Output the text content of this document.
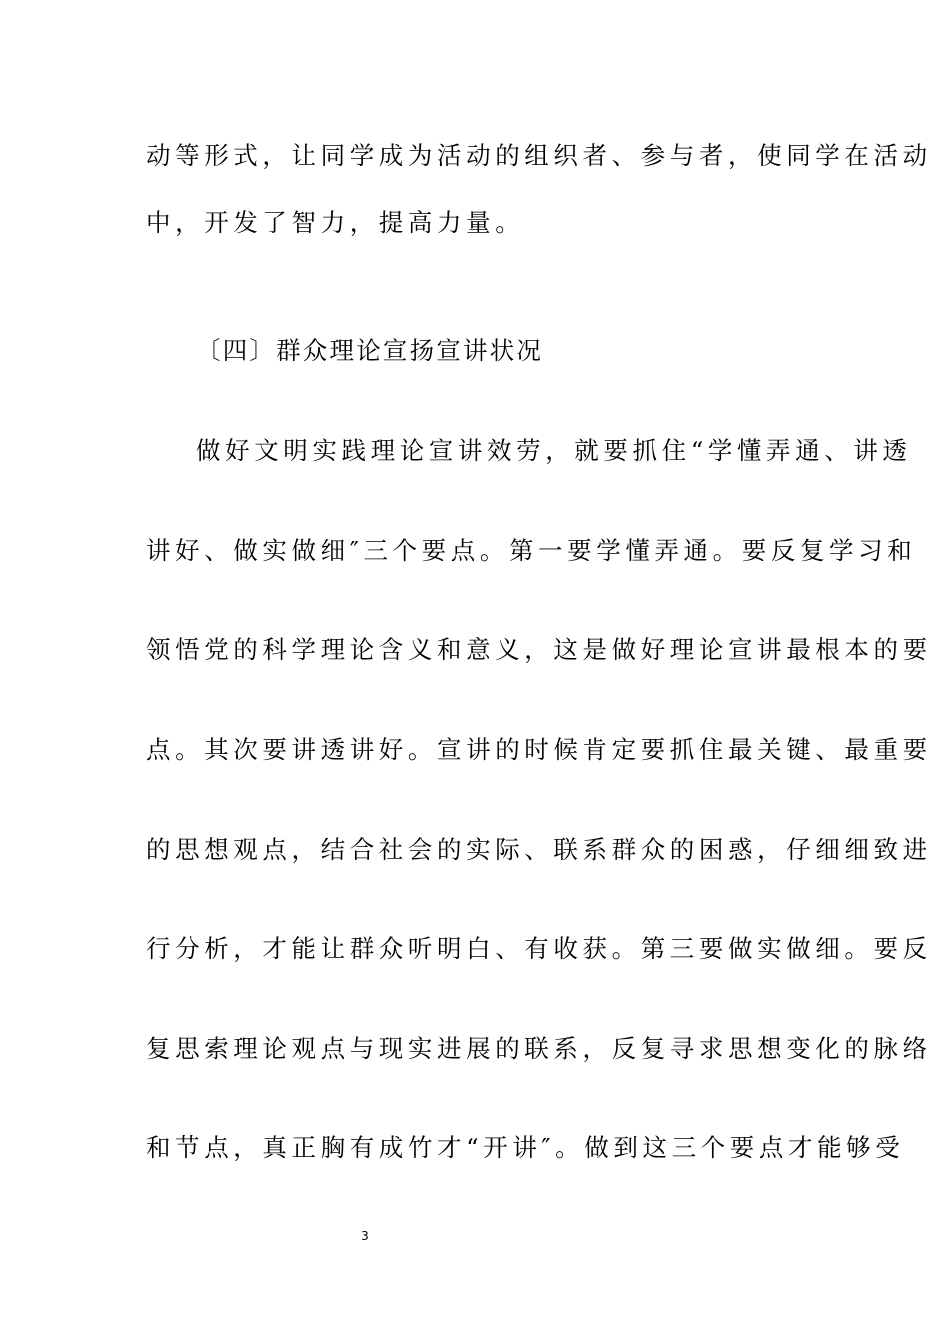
动等形式，让同学成为活动的组织者、参与者，使同学在活动
中，开发了智力，提高力量。
〔四〕群众理论宣扬宣讲状况
做好文明实践理论宣讲效劳，就要抓住“学懂弄通、讲透
讲好、做实做细″三个要点。第一要学懂弄通。要反复学习和
领悟党的科学理论含义和意义，这是做好理论宣讲最根本的要
点。其次要讲透讲好。宣讲的时候肯定要抓住最关键、最重要
的思想观点，结合社会的实际、联系群众的困惑，仔细细致进
行分析，才能让群众听明白、有收获。第三要做实做细。要反
复思索理论观点与现实进展的联系，反复寻求思想变化的脉络
和节点，真正胸有成竹才“开讲″。做到这三个要点才能够受
3
